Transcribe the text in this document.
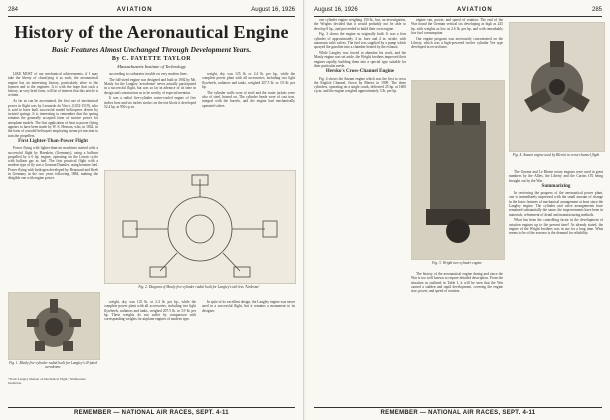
284	AVIATION	August 16, 1926
History of the Aeronautical Engine
Basic Features Almost Unchanged Through Development Years.
By C. FAYETTE TAYLOR
Massachusetts Institute of Technology

LIKE MOST of our mechanical achievements, if I may take the liberty of classifying it as such, the aeronautical engine has an interesting history, particularly alive to the laymen and to the engineer. It is with the hope that such a history, in very brief form, will be of interest that this article is written.

As far as can be ascertained, the first use of mechanical power in flight was by Leonardo da Vinci, (1452-1519), who is said to have built successful model helicopters driven by twisted springs. It is interesting to remember that the spring remains the generally accepted form of motive power for aeroplane models. The first application of heat to power flying appears to have been made by W. S. Henson, who, in 1842, in the form of a model helicopter employing steam jet reaction to turn the propellers.

First Lighter-Than-Power Flight

Power flying with lighter-than-air machines started with a successful flight by Haenlein, (Germany), using a balloon propelled by a 6 hp. engine, operating on the Lenoir cycle with balloon gas as fuel. The first practical flight with a modern type of fly was a German Daimler, using benzine fuel. Power flying with hydrogen developed by Renouard and Kreb in Germany in the two years following 1884, making the dirigible one with engine power.

Fig. 1. Manly five-cylinder radial built for Langley's ill-fated aerodrome
*From 'Langley Memoir on Mechanical Flight,' Smithsonian Institution.

succeeding to carburetor trouble on very modern lines.

The full-sized engine was designed and built in 1902 by Mr. Manly for the Langley 'aerodrome' never actually participated in a successful flight, but was so far in advance of its time in design and construction as to be worthy of especial mention.

It was a radial five-cylinder water-cooled engine of five inches bore and six inches stroke; on the test block it developed 52.4 hp. at 950 r.p.m.

Fig. 2. Diagram of Manly five-cylinder radial built for Langley's tail-less 'Airdrome'

weight, dry, was 125 lb. or 2.4 lb. per hp., while the complete power plant with all accessories, including two light flywheels, radiators and tanks, weighed 207.5 lb. or 3.9 lb. per hp. These weights do not suffer by comparison with corresponding weights for airplane engines of modern type.

weight, dry, was 125 lb. or 2.4 lb. per hp., while the complete power plant with all accessories, including two light flywheels, radiators and tanks, weighed 207.5 lb. or 3.9 lb. per hp.

The cylinder walls were of steel and the water jackets were also of steel, brazed on. The cylinder heads were of cast iron, integral with the barrels, and the engine had mechanically operated valves.

In spite of its excellent design, the Langley engine was never used in a successful flight, but it remains a monument to its designer.

REMEMBER — NATIONAL AIR RACES, SEPT. 4-11
August 16, 1926	AVIATION	285

one cylinder engine weighing 150 lb., but, on investigation, the Wrights decided that it would probably not be able to develop 8 hp., and proceeded to build their own engine.

Fig. 3 shows the engine as originally built. It was a four cylinder of approximately 4 in. bore and 4 in. stroke, with automatic inlet valves. The fuel was supplied by a pump which sprayed the gasoline into a chamber heated by the exhaust.

While Langley was forced to abandon his work, and the Manly engine was set aside, the Wright brothers improved their engines rapidly, building them into a special type suitable for their particular needs.

Hersko's Cross-Channel Engine

Fig. 4 shows the Anzani engine which was the first to cross the English Channel, flown by Bleriot in 1909. The three cylinders, operating on a single crank, delivered 25 hp. at 1600 r.p.m. and the engine weighed approximately 3 lb. per hp.

engine can, power, and speed of rotation. The end of the War found the German vertical six developing as high as 245 hp. with weights as low as 2.6 lb. per hp. and with remarkably low fuel consumption.

Our engine program was necessarily concentrated on the Liberty, which was a high-powered twelve cylinder Vee type developed in record time.

Fig. 3. Wright two-cylinder engine
Fig. 4. Anzani engine used by Bleriot in cross-channel flight

The Gnome and Le Rhone rotary engines were used in great numbers by the Allies, the Liberty and the Curtiss OX being brought out by the War.

Summarizing

In reviewing the progress of the aeronautical power plant, one is immediately impressed with the small amount of change in the basic features of mechanical arrangement at least since the Langley engine. The cylinder and valve arrangements have remained substantially the same; the improvements have been in materials, refinement of detail and manufacturing methods.

What has been the controlling factor in the development of aviation engines up to the present time? As already stated, the engine of the Wright brothers was in use for a long time. What seems to be of the essence is the demand for reliability.

The history of the aeronautical engine during and since the War is too well known to require detailed description. From the situation as outlined in Table I, it will be seen that the War caused a sudden and rapid development, covering the engine size, power, and speed of rotation.

REMEMBER — NATIONAL AIR RACES, SEPT. 4-11
